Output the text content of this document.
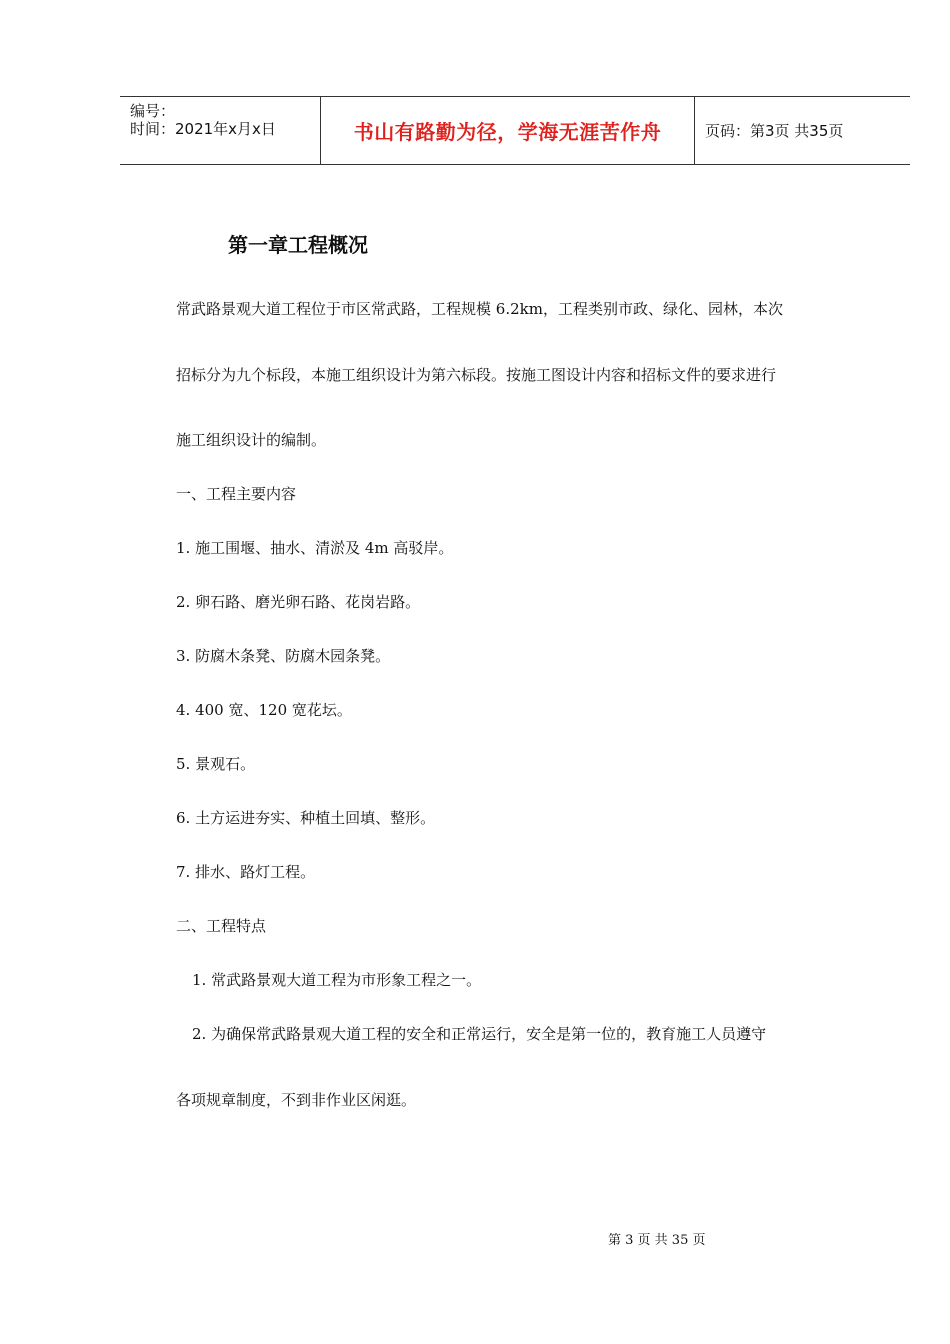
编号：
时间：2021年x月x日	书山有路勤为径，学海无涯苦作舟	页码：第3页 共35页
第一章工程概况
常武路景观大道工程位于市区常武路，工程规模 6.2km，工程类别市政、绿化、园林，本次
招标分为九个标段，本施工组织设计为第六标段。按施工图设计内容和招标文件的要求进行
施工组织设计的编制。
一、工程主要内容
1. 施工围堰、抽水、清淤及 4m 高驳岸。
2. 卵石路、磨光卵石路、花岗岩路。
3. 防腐木条凳、防腐木园条凳。
4. 400 宽、120 宽花坛。
5. 景观石。
6. 土方运进夯实、种植土回填、整形。
7. 排水、路灯工程。
二、工程特点
1. 常武路景观大道工程为市形象工程之一。
2. 为确保常武路景观大道工程的安全和正常运行，安全是第一位的，教育施工人员遵守
各项规章制度，不到非作业区闲逛。
第 3 页 共 35 页
